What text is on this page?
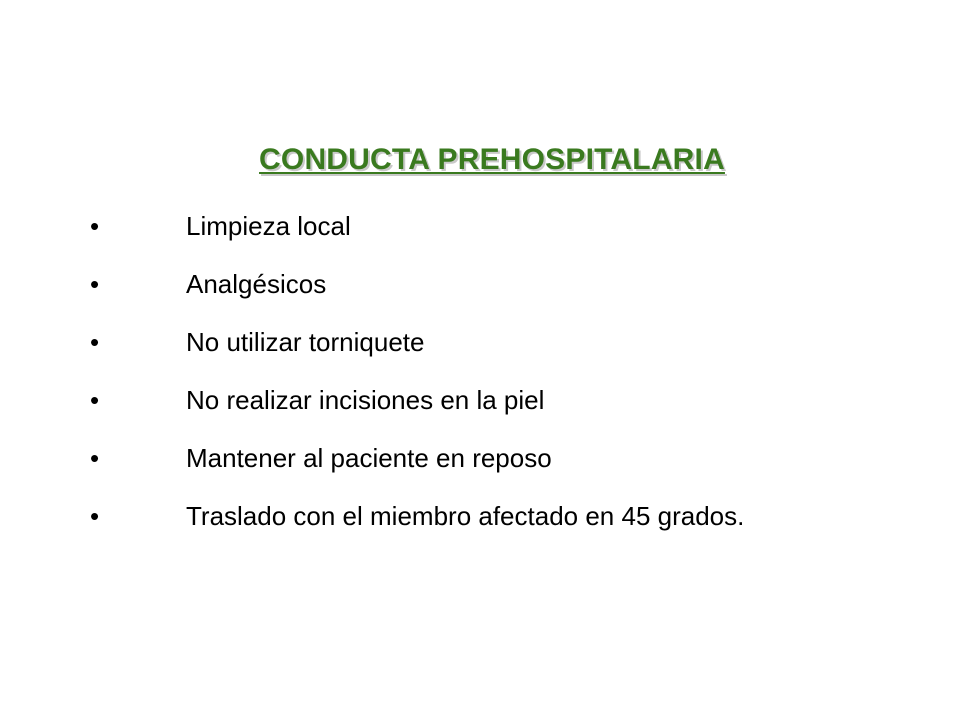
CONDUCTA PREHOSPITALARIA
•	Limpieza local
•	Analgésicos
•	No utilizar torniquete
•	No realizar incisiones en la piel
•	Mantener al paciente en reposo
•	Traslado con el miembro afectado en 45 grados.
